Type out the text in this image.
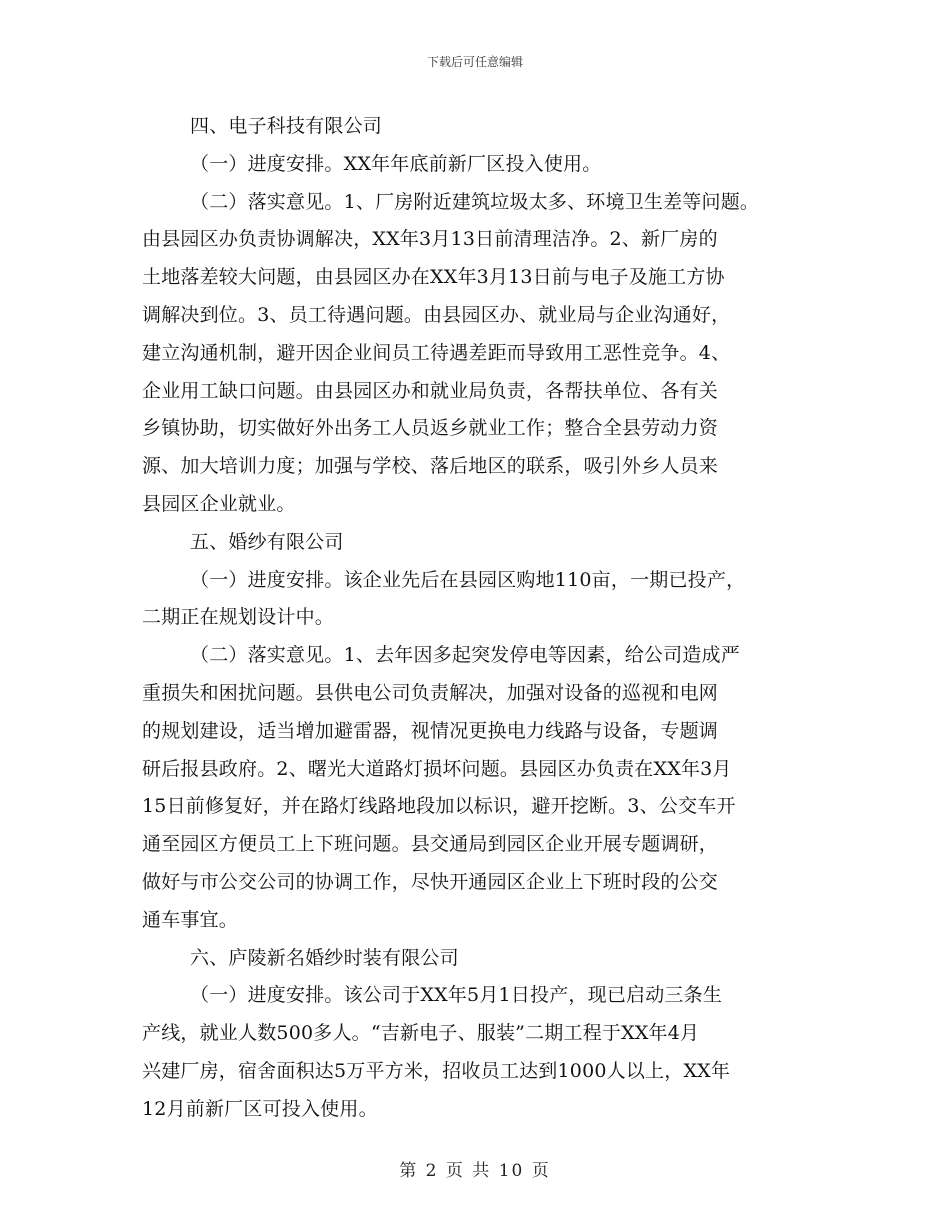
下载后可任意编辑
四、电子科技有限公司
（一）进度安排。XX年年底前新厂区投入使用。
（二）落实意见。1、厂房附近建筑垃圾太多、环境卫生差等问题。
由县园区办负责协调解决，XX年3月13日前清理洁净。2、新厂房的
土地落差较大问题，由县园区办在XX年3月13日前与电子及施工方协
调解决到位。3、员工待遇问题。由县园区办、就业局与企业沟通好，
建立沟通机制，避开因企业间员工待遇差距而导致用工恶性竞争。4、
企业用工缺口问题。由县园区办和就业局负责，各帮扶单位、各有关
乡镇协助，切实做好外出务工人员返乡就业工作；整合全县劳动力资
源、加大培训力度；加强与学校、落后地区的联系，吸引外乡人员来
县园区企业就业。
五、婚纱有限公司
（一）进度安排。该企业先后在县园区购地110亩，一期已投产，
二期正在规划设计中。
（二）落实意见。1、去年因多起突发停电等因素，给公司造成严
重损失和困扰问题。县供电公司负责解决，加强对设备的巡视和电网
的规划建设，适当增加避雷器，视情况更换电力线路与设备，专题调
研后报县政府。2、曙光大道路灯损坏问题。县园区办负责在XX年3月
15日前修复好，并在路灯线路地段加以标识，避开挖断。3、公交车开
通至园区方便员工上下班问题。县交通局到园区企业开展专题调研，
做好与市公交公司的协调工作，尽快开通园区企业上下班时段的公交
通车事宜。
六、庐陵新名婚纱时装有限公司
（一）进度安排。该公司于XX年5月1日投产，现已启动三条生
产线，就业人数500多人。“吉新电子、服装”二期工程于XX年4月
兴建厂房，宿舍面积达5万平方米，招收员工达到1000人以上，XX年
12月前新厂区可投入使用。
第 2 页 共 10 页
